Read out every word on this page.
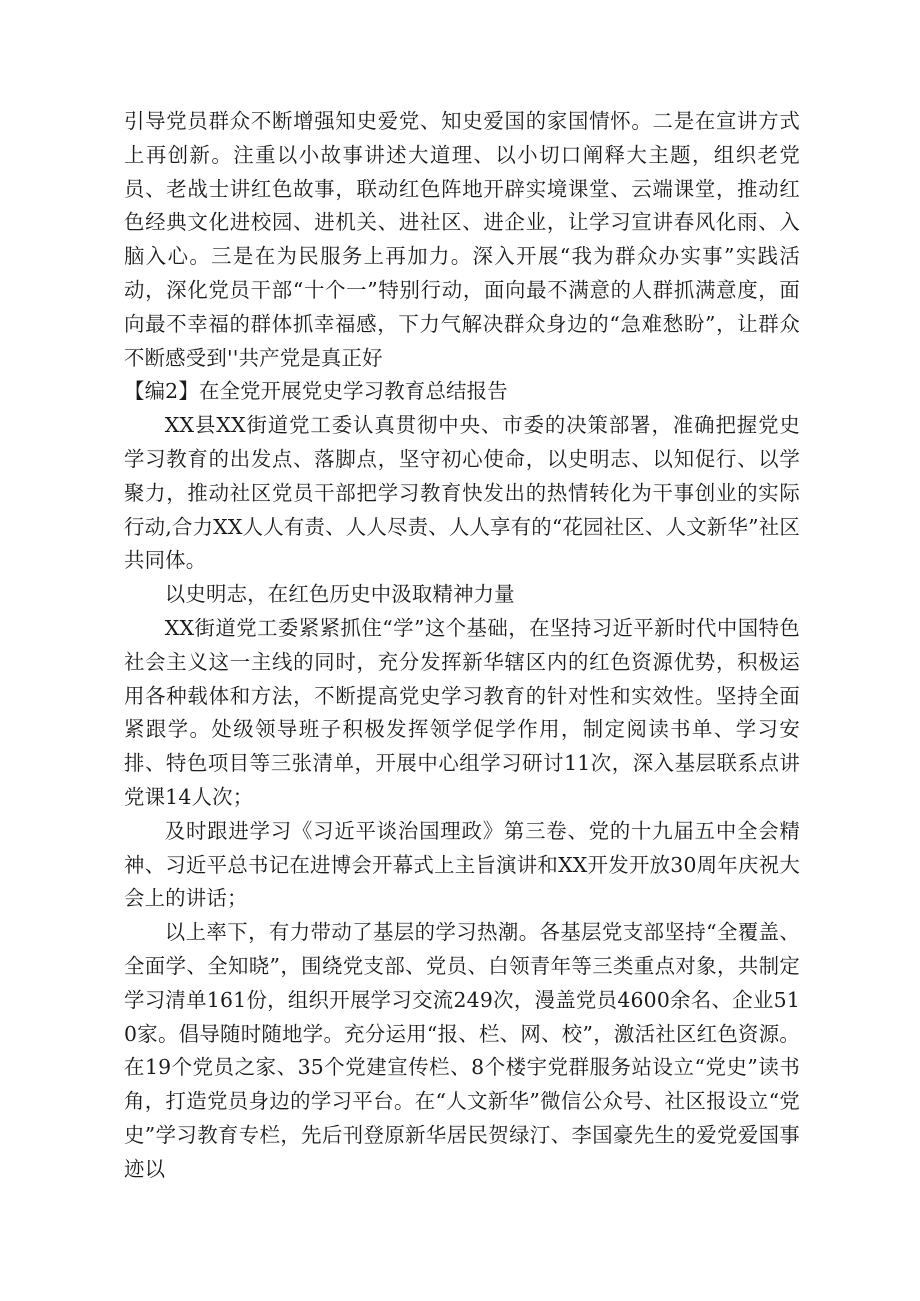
引导党员群众不断增强知史爱党、知史爱国的家国情怀。二是在宣讲方式上再创新。注重以小故事讲述大道理、以小切口阐释大主题，组织老党员、老战士讲红色故事，联动红色阵地开辟实境课堂、云端课堂，推动红色经典文化进校园、进机关、进社区、进企业，让学习宣讲春风化雨、入脑入心。三是在为民服务上再加力。深入开展“我为群众办实事”实践活动，深化党员干部“十个一”特别行动，面向最不满意的人群抓满意度，面向最不幸福的群体抓幸福感，下力气解决群众身边的“急难愁盼”，让群众不断感受到''共产党是真正好

【编2】在全党开展党史学习教育总结报告

XX县XX街道党工委认真贯彻中央、市委的决策部署，准确把握党史学习教育的出发点、落脚点，坚守初心使命，以史明志、以知促行、以学聚力，推动社区党员干部把学习教育快发出的热情转化为干事创业的实际行动,合力XX人人有责、人人尽责、人人享有的“花园社区、人文新华”社区共同体。

以史明志，在红色历史中汲取精神力量

XX街道党工委紧紧抓住“学”这个基础，在坚持习近平新时代中国特色社会主义这一主线的同时，充分发挥新华辖区内的红色资源优势，积极运用各种载体和方法，不断提高党史学习教育的针对性和实效性。坚持全面紧跟学。处级领导班子积极发挥领学促学作用，制定阅读书单、学习安排、特色项目等三张清单，开展中心组学习研讨11次，深入基层联系点讲党课14人次；

及时跟进学习《习近平谈治国理政》第三卷、党的十九届五中全会精神、习近平总书记在进博会开幕式上主旨演讲和XX开发开放30周年庆祝大会上的讲话；

以上率下，有力带动了基层的学习热潮。各基层党支部坚持“全覆盖、全面学、全知晓”，围绕党支部、党员、白领青年等三类重点对象，共制定学习清单161份，组织开展学习交流249次，漫盖党员4600余名、企业510家。倡导随时随地学。充分运用“报、栏、网、校”，激活社区红色资源。在19个党员之家、35个党建宣传栏、8个楼宇党群服务站设立“党史”读书角，打造党员身边的学习平台。在“人文新华”微信公众号、社区报设立“党史”学习教育专栏，先后刊登原新华居民贺绿汀、李国豪先生的爱党爱国事迹以
